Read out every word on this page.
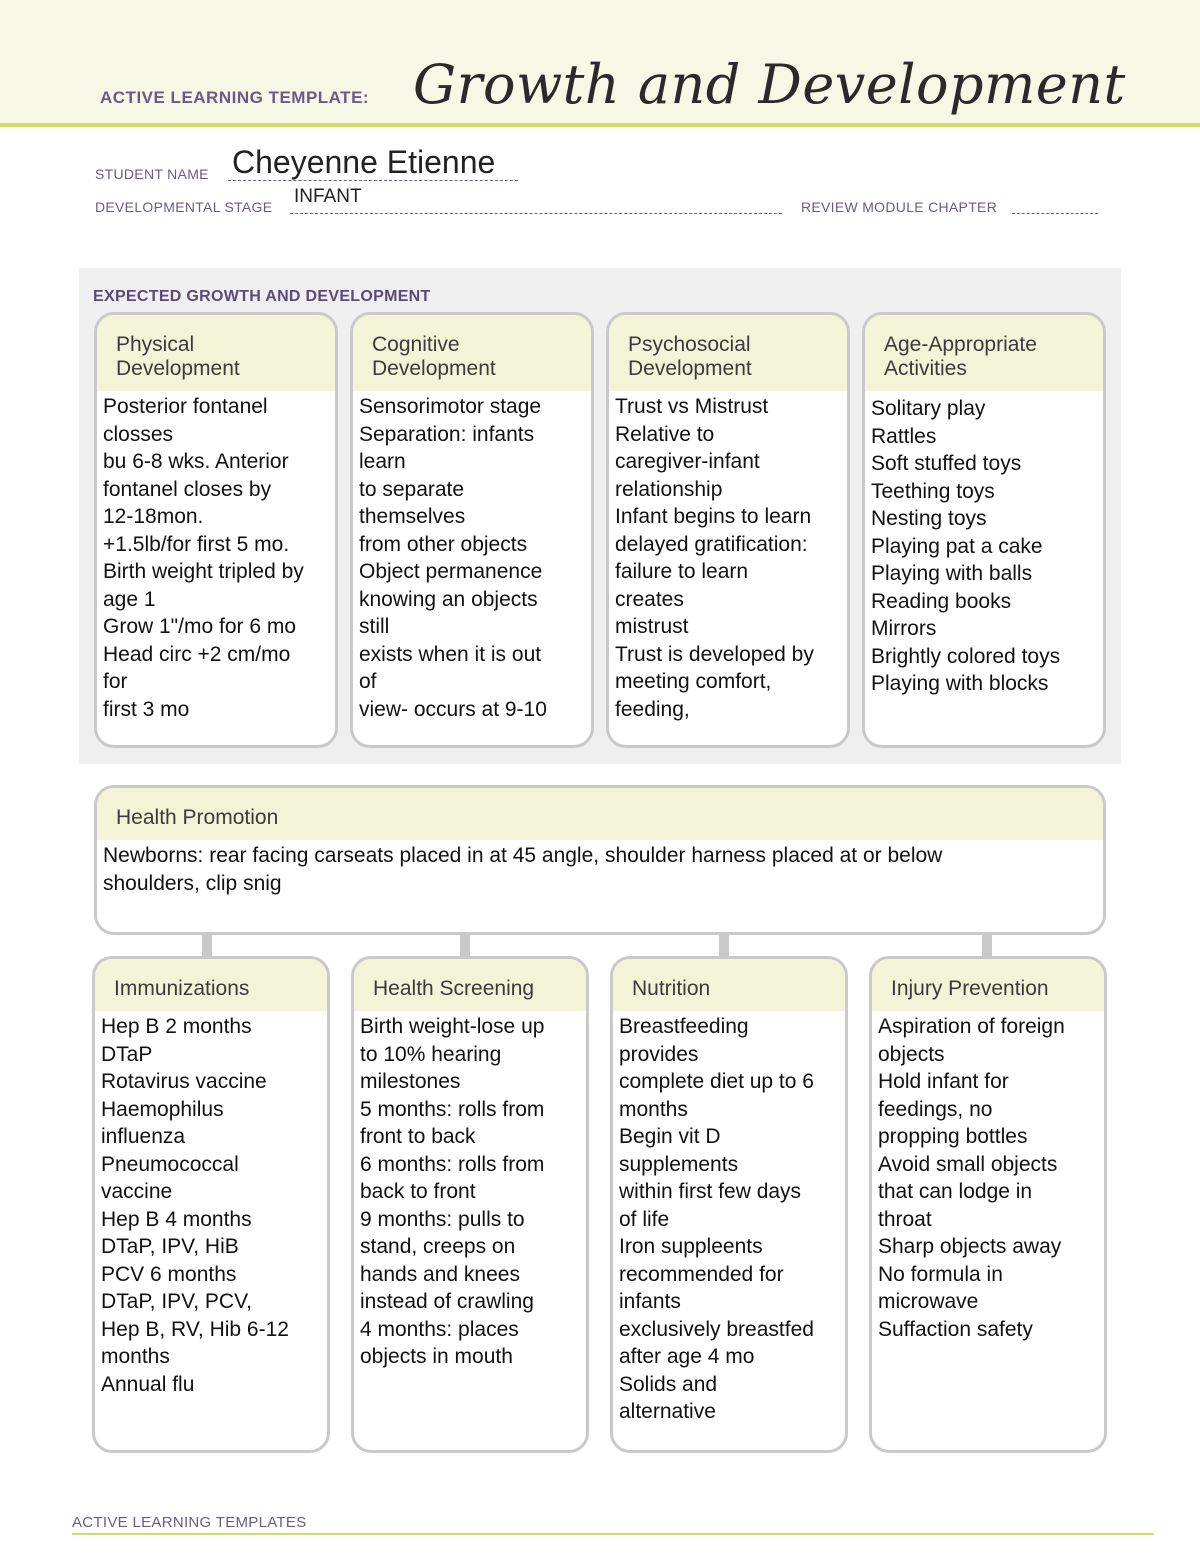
ACTIVE LEARNING TEMPLATE: Growth and Development
STUDENT NAME Cheyenne Etienne
DEVELOPMENTAL STAGE INFANT	REVIEW MODULE CHAPTER
EXPECTED GROWTH AND DEVELOPMENT
Physical
Development
Posterior fontanel
closses
bu 6-8 wks. Anterior
fontanel closes by
12-18mon.
+1.5lb/for first 5 mo.
Birth weight tripled by
age 1
Grow 1"/mo for 6 mo
Head circ +2 cm/mo
for
first 3 mo
Cognitive
Development
Sensorimotor stage
Separation: infants
learn
to separate
themselves
from other objects
Object permanence
knowing an objects
still
exists when it is out
of
view- occurs at 9-10
Psychosocial
Development
Trust vs Mistrust
Relative to
caregiver-infant
relationship
Infant begins to learn
delayed gratification:
failure to learn
creates
mistrust
Trust is developed by
meeting comfort,
feeding,
Age-Appropriate
Activities
Solitary play
Rattles
Soft stuffed toys
Teething toys
Nesting toys
Playing pat a cake
Playing with balls
Reading books
Mirrors
Brightly colored toys
Playing with blocks
Health Promotion
Newborns: rear facing carseats placed in at 45 angle, shoulder harness placed at or below
shoulders, clip snig
Immunizations
Hep B 2 months
DTaP
Rotavirus vaccine
Haemophilus
influenza
Pneumococcal
vaccine
Hep B 4 months
DTaP, IPV, HiB
PCV 6 months
DTaP, IPV, PCV,
Hep B, RV, Hib 6-12
months
Annual flu
Health Screening
Birth weight-lose up
to 10% hearing
milestones
5 months: rolls from
front to back
6 months: rolls from
back to front
9 months: pulls to
stand, creeps on
hands and knees
instead of crawling
4 months: places
objects in mouth
Nutrition
Breastfeeding
provides
complete diet up to 6
months
Begin vit D
supplements
within first few days
of life
Iron suppleents
recommended for
infants
exclusively breastfed
after age 4 mo
Solids and
alternative
Injury Prevention
Aspiration of foreign
objects
Hold infant for
feedings, no
propping bottles
Avoid small objects
that can lodge in
throat
Sharp objects away
No formula in
microwave
Suffaction safety
ACTIVE LEARNING TEMPLATES
